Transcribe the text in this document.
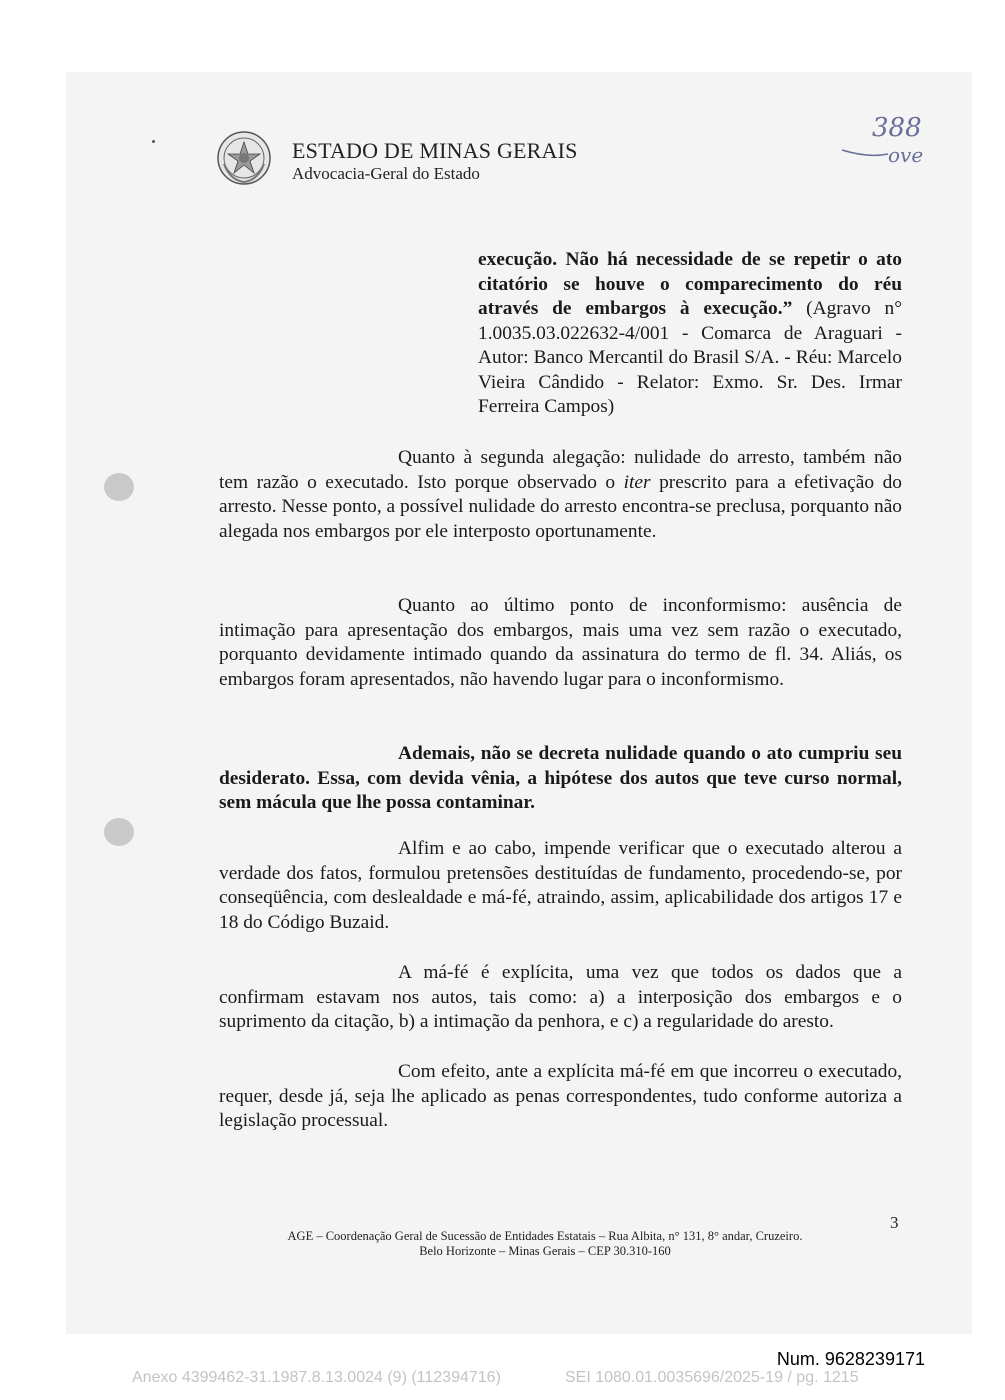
ESTADO DE MINAS GERAIS
Advocacia-Geral do Estado
388
ove
execução. Não há necessidade de se repetir o ato citatório se houve o comparecimento do réu através de embargos à execução.” (Agravo n° 1.0035.03.022632-4/001 - Comarca de Araguari - Autor: Banco Mercantil do Brasil S/A. - Réu: Marcelo Vieira Cândido - Relator: Exmo. Sr. Des. Irmar Ferreira Campos)
Quanto à segunda alegação: nulidade do arresto, também não tem razão o executado. Isto porque observado o iter prescrito para a efetivação do arresto. Nesse ponto, a possível nulidade do arresto encontra-se preclusa, porquanto não alegada nos embargos por ele interposto oportunamente.
Quanto ao último ponto de inconformismo: ausência de intimação para apresentação dos embargos, mais uma vez sem razão o executado, porquanto devidamente intimado quando da assinatura do termo de fl. 34. Aliás, os embargos foram apresentados, não havendo lugar para o inconformismo.
Ademais, não se decreta nulidade quando o ato cumpriu seu desiderato. Essa, com devida vênia, a hipótese dos autos que teve curso normal, sem mácula que lhe possa contaminar.
Alfim e ao cabo, impende verificar que o executado alterou a verdade dos fatos, formulou pretensões destituídas de fundamento, procedendo-se, por conseqüência, com deslealdade e má-fé, atraindo, assim, aplicabilidade dos artigos 17 e 18 do Código Buzaid.
A má-fé é explícita, uma vez que todos os dados que a confirmam estavam nos autos, tais como: a) a interposição dos embargos e o suprimento da citação, b) a intimação da penhora, e c) a regularidade do aresto.
Com efeito, ante a explícita má-fé em que incorreu o executado, requer, desde já, seja lhe aplicado as penas correspondentes, tudo conforme autoriza a legislação processual.
3
AGE – Coordenação Geral de Sucessão de Entidades Estatais – Rua Albita, n° 131, 8° andar, Cruzeiro.
Belo Horizonte – Minas Gerais – CEP 30.310-160
Num. 9628239171
Anexo 4399462-31.1987.8.13.0024 (9) (112394716)	SEI 1080.01.0035696/2025-19 / pg. 1215
